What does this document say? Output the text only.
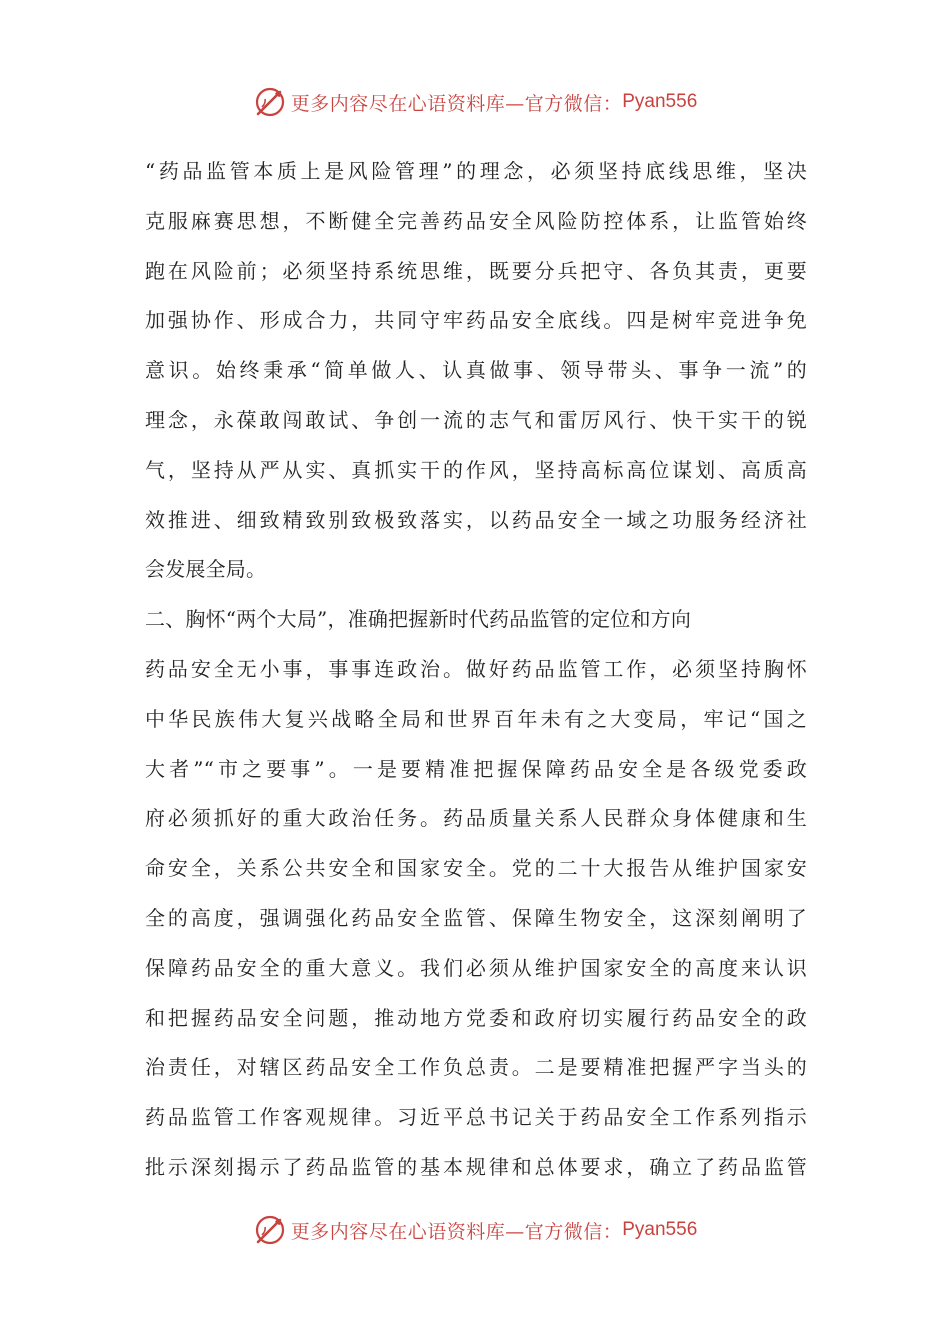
更多内容尽在心语资料库—官方微信： Pyan556
“药品监管本质上是风险管理”的理念，必须坚持底线思维，坚决
克服麻赛思想，不断健全完善药品安全风险防控体系，让监管始终
跑在风险前；必须坚持系统思维，既要分兵把守、各负其责，更要
加强协作、形成合力，共同守牢药品安全底线。四是树牢竞进争免
意识。始终秉承“简单做人、认真做事、领导带头、事争一流”的
理念，永葆敢闯敢试、争创一流的志气和雷厉风行、快干实干的锐
气，坚持从严从实、真抓实干的作风，坚持高标高位谋划、高质高
效推进、细致精致别致极致落实，以药品安全一域之功服务经济社
会发展全局。
二、胸怀“两个大局”，准确把握新时代药品监管的定位和方向
药品安全无小事，事事连政治。做好药品监管工作，必须坚持胸怀
中华民族伟大复兴战略全局和世界百年未有之大变局，牢记“国之
大者”“市之要事”。一是要精准把握保障药品安全是各级党委政
府必须抓好的重大政治任务。药品质量关系人民群众身体健康和生
命安全，关系公共安全和国家安全。党的二十大报告从维护国家安
全的高度，强调强化药品安全监管、保障生物安全，这深刻阐明了
保障药品安全的重大意义。我们必须从维护国家安全的高度来认识
和把握药品安全问题，推动地方党委和政府切实履行药品安全的政
治责任，对辖区药品安全工作负总责。二是要精准把握严字当头的
药品监管工作客观规律。习近平总书记关于药品安全工作系列指示
批示深刻揭示了药品监管的基本规律和总体要求，确立了药品监管
更多内容尽在心语资料库—官方微信： Pyan556
